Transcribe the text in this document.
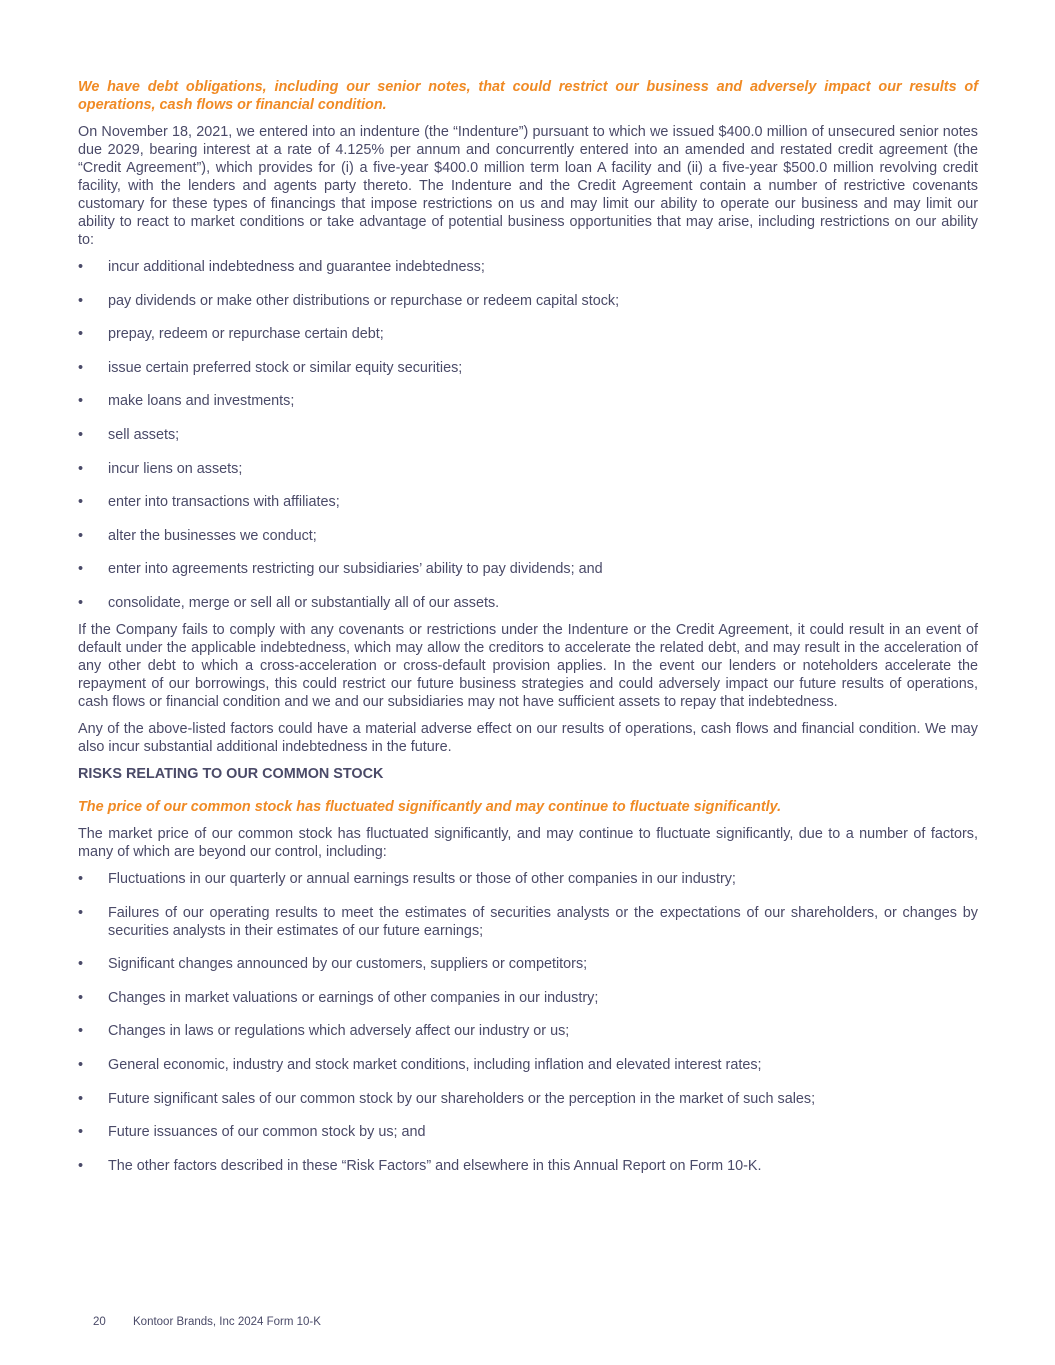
We have debt obligations, including our senior notes, that could restrict our business and adversely impact our results of operations, cash flows or financial condition.

On November 18, 2021, we entered into an indenture (the “Indenture”) pursuant to which we issued $400.0 million of unsecured senior notes due 2029, bearing interest at a rate of 4.125% per annum and concurrently entered into an amended and restated credit agreement (the “Credit Agreement”), which provides for (i) a five-year $400.0 million term loan A facility and (ii) a five-year $500.0 million revolving credit facility, with the lenders and agents party thereto. The Indenture and the Credit Agreement contain a number of restrictive covenants customary for these types of financings that impose restrictions on us and may limit our ability to operate our business and may limit our ability to react to market conditions or take advantage of potential business opportunities that may arise, including restrictions on our ability to:

• incur additional indebtedness and guarantee indebtedness;
• pay dividends or make other distributions or repurchase or redeem capital stock;
• prepay, redeem or repurchase certain debt;
• issue certain preferred stock or similar equity securities;
• make loans and investments;
• sell assets;
• incur liens on assets;
• enter into transactions with affiliates;
• alter the businesses we conduct;
• enter into agreements restricting our subsidiaries’ ability to pay dividends; and
• consolidate, merge or sell all or substantially all of our assets.

If the Company fails to comply with any covenants or restrictions under the Indenture or the Credit Agreement, it could result in an event of default under the applicable indebtedness, which may allow the creditors to accelerate the related debt, and may result in the acceleration of any other debt to which a cross-acceleration or cross-default provision applies. In the event our lenders or noteholders accelerate the repayment of our borrowings, this could restrict our future business strategies and could adversely impact our future results of operations, cash flows or financial condition and we and our subsidiaries may not have sufficient assets to repay that indebtedness.

Any of the above-listed factors could have a material adverse effect on our results of operations, cash flows and financial condition. We may also incur substantial additional indebtedness in the future.

RISKS RELATING TO OUR COMMON STOCK
The price of our common stock has fluctuated significantly and may continue to fluctuate significantly.

The market price of our common stock has fluctuated significantly, and may continue to fluctuate significantly, due to a number of factors, many of which are beyond our control, including:

• Fluctuations in our quarterly or annual earnings results or those of other companies in our industry;
• Failures of our operating results to meet the estimates of securities analysts or the expectations of our shareholders, or changes by securities analysts in their estimates of our future earnings;
• Significant changes announced by our customers, suppliers or competitors;
• Changes in market valuations or earnings of other companies in our industry;
• Changes in laws or regulations which adversely affect our industry or us;
• General economic, industry and stock market conditions, including inflation and elevated interest rates;
• Future significant sales of our common stock by our shareholders or the perception in the market of such sales;
• Future issuances of our common stock by us; and
• The other factors described in these “Risk Factors” and elsewhere in this Annual Report on Form 10-K.
20 Kontoor Brands, Inc 2024 Form 10-K
